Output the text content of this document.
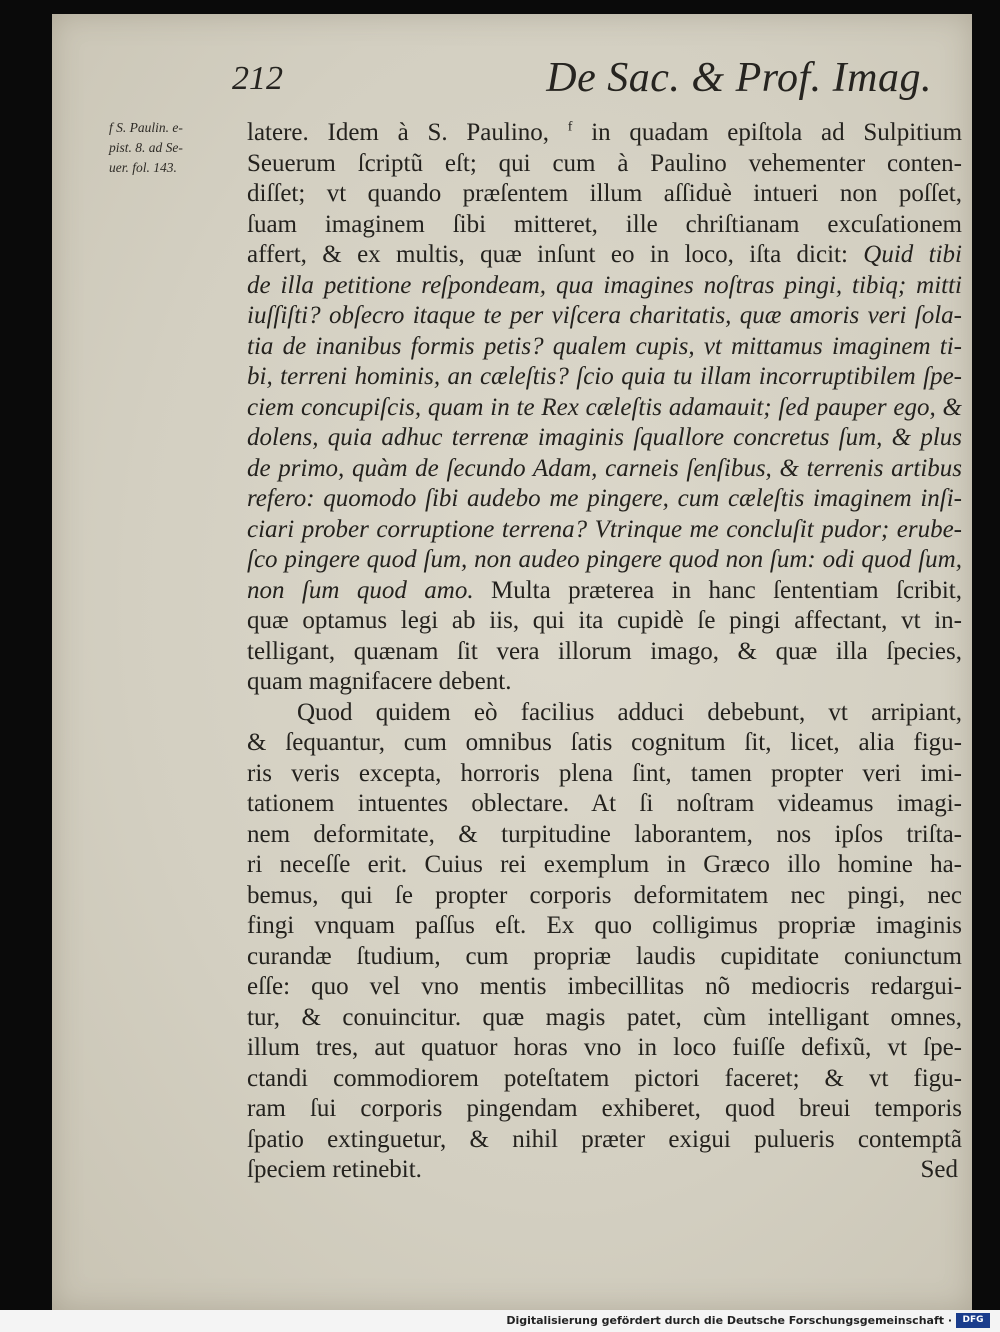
212	De Sac. & Prof. Imag.
f S. Paulin. e-
pist. 8. ad Se-
uer. fol. 143.
latere. Idem à S. Paulino, $^f$ in quadam epiſtola ad Sulpitium
Seuerum ſcriptũ eſt; qui cum à Paulino vehementer conten-
diſſet; vt quando præſentem illum aſſiduè intueri non poſſet,
ſuam imaginem ſibi mitteret, ille chriſtianam excuſationem
affert, & ex multis, quæ inſunt eo in loco, iſta dicit: Quid tibi
de illa petitione reſpondeam, qua imagines noſtras pingi, tibiq; mitti
iuſſiſti? obſecro itaque te per viſcera charitatis, quæ amoris veri ſola-
tia de inanibus formis petis? qualem cupis, vt mittamus imaginem ti-
bi, terreni hominis, an cæleſtis? ſcio quia tu illam incorruptibilem ſpe-
ciem concupiſcis, quam in te Rex cæleſtis adamauit; ſed pauper ego, &
dolens, quia adhuc terrenæ imaginis ſquallore concretus ſum, & plus
de primo, quàm de ſecundo Adam, carneis ſenſibus, & terrenis artibus
refero: quomodo ſibi audebo me pingere, cum cæleſtis imaginem inſi-
ciari prober corruptione terrena? Vtrinque me concluſit pudor; erube-
ſco pingere quod ſum, non audeo pingere quod non ſum: odi quod ſum,
non ſum quod amo. Multa prӕterea in hanc ſententiam ſcribit,
quæ optamus legi ab iis, qui ita cupidè ſe pingi affectant, vt in-
telligant, quænam ſit vera illorum imago, & quæ illa ſpecies,
quam magnifacere debent.
Quod quidem eò facilius adduci debebunt, vt arripiant,
& ſequantur, cum omnibus ſatis cognitum ſit, licet, alia figu-
ris veris excepta, horroris plena ſint, tamen propter veri imi-
tationem intuentes oblectare. At ſi noſtram videamus imagi-
nem deformitate, & turpitudine laborantem, nos ipſos triſta-
ri neceſſe erit. Cuius rei exemplum in Græco illo homine ha-
bemus, qui ſe propter corporis deformitatem nec pingi, nec
fingi vnquam paſſus eſt. Ex quo colligimus propriæ imaginis
curandæ ſtudium, cum propriæ laudis cupiditate coniunctum
eſſe: quo vel vno mentis imbecillitas nõ mediocris redargui-
tur, & conuincitur. quæ magis patet, cùm intelligant omnes,
illum tres, aut quatuor horas vno in loco fuiſſe defixũ, vt ſpe-
ctandi commodiorem poteſtatem pictori faceret; & vt figu-
ram ſui corporis pingendam exhiberet, quod breui temporis
ſpatio extinguetur, & nihil præter exigui pulueris contemptã
ſpeciem retinebit.	Sed
Digitalisierung gefördert durch die Deutsche Forschungsgemeinschaft ·	DFG
